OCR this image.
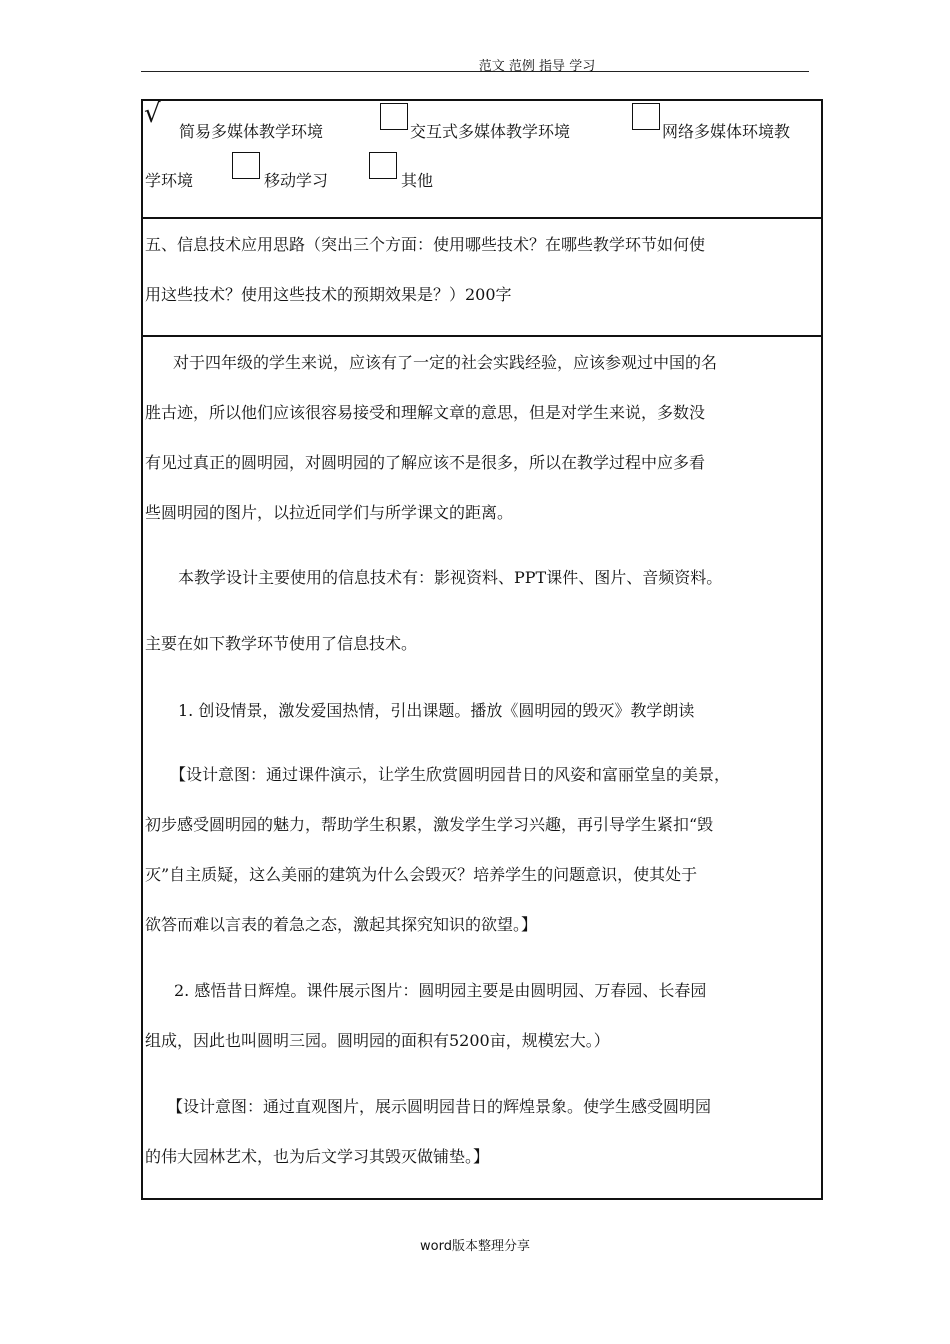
范文 范例 指导 学习
√
简易多媒体教学环境	交互式多媒体教学环境	网络多媒体环境教
学环境	移动学习	其他
五、信息技术应用思路（突出三个方面：使用哪些技术？在哪些教学环节如何使
用这些技术？使用这些技术的预期效果是？）200字
对于四年级的学生来说，应该有了一定的社会实践经验，应该参观过中国的名
胜古迹，所以他们应该很容易接受和理解文章的意思，但是对学生来说，多数没
有见过真正的圆明园，对圆明园的了解应该不是很多，所以在教学过程中应多看
些圆明园的图片，以拉近同学们与所学课文的距离。
本教学设计主要使用的信息技术有：影视资料、PPT课件、图片、音频资料。
主要在如下教学环节使用了信息技术。
1. 创设情景，激发爱国热情，引出课题。播放《圆明园的毁灭》教学朗读
【设计意图：通过课件演示，让学生欣赏圆明园昔日的风姿和富丽堂皇的美景，
初步感受圆明园的魅力，帮助学生积累，激发学生学习兴趣，再引导学生紧扣“毁
灭”自主质疑，这么美丽的建筑为什么会毁灭？培养学生的问题意识，使其处于
欲答而难以言表的着急之态，激起其探究知识的欲望。】
2. 感悟昔日辉煌。课件展示图片：圆明园主要是由圆明园、万春园、长春园
组成，因此也叫圆明三园。圆明园的面积有5200亩，规模宏大。）
【设计意图：通过直观图片，展示圆明园昔日的辉煌景象。使学生感受圆明园
的伟大园林艺术，也为后文学习其毁灭做铺垫。】
word版本整理分享
